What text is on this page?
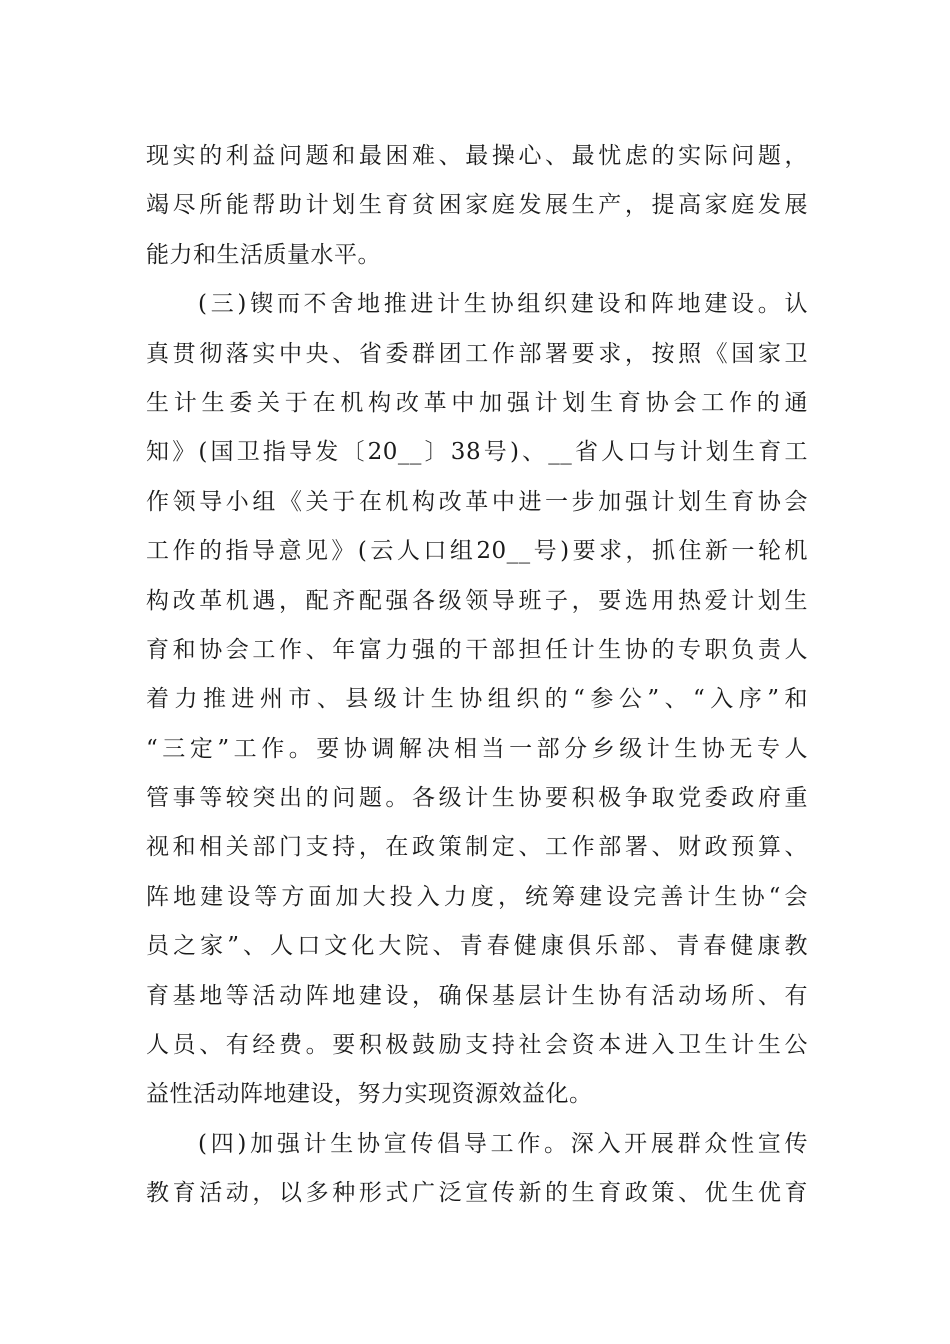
现实的利益问题和最困难、最操心、最忧虑的实际问题，
竭尽所能帮助计划生育贫困家庭发展生产，提高家庭发展
能力和生活质量水平。
(三)锲而不舍地推进计生协组织建设和阵地建设。认
真贯彻落实中央、省委群团工作部署要求，按照《国家卫
生计生委关于在机构改革中加强计划生育协会工作的通
知》(国卫指导发〔20__〕38号)、__省人口与计划生育工
作领导小组《关于在机构改革中进一步加强计划生育协会
工作的指导意见》(云人口组20__号)要求，抓住新一轮机
构改革机遇，配齐配强各级领导班子，要选用热爱计划生
育和协会工作、年富力强的干部担任计生协的专职负责人
着力推进州市、县级计生协组织的“参公”、“入序”和
“三定”工作。要协调解决相当一部分乡级计生协无专人
管事等较突出的问题。各级计生协要积极争取党委政府重
视和相关部门支持，在政策制定、工作部署、财政预算、
阵地建设等方面加大投入力度，统筹建设完善计生协“会
员之家”、人口文化大院、青春健康俱乐部、青春健康教
育基地等活动阵地建设，确保基层计生协有活动场所、有
人员、有经费。要积极鼓励支持社会资本进入卫生计生公
益性活动阵地建设，努力实现资源效益化。
(四)加强计生协宣传倡导工作。深入开展群众性宣传
教育活动，以多种形式广泛宣传新的生育政策、优生优育
